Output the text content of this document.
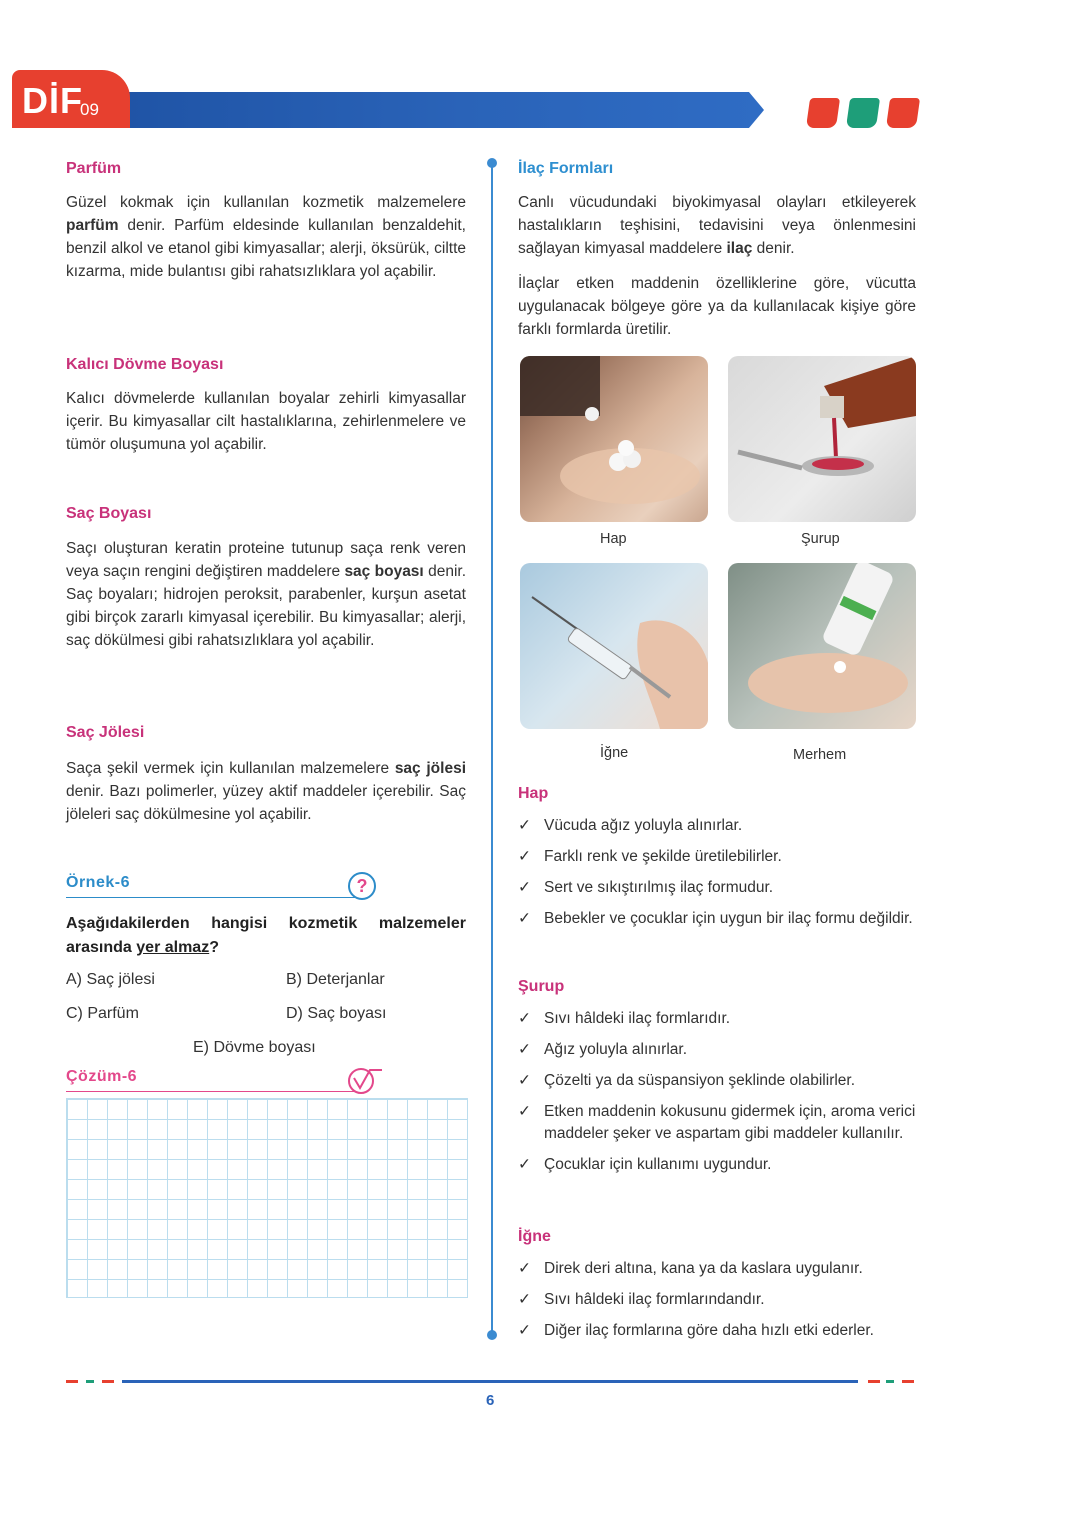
DİF
09
Parfüm
Güzel kokmak için kullanılan kozmetik malzemelere parfüm denir. Parfüm eldesinde kullanılan benzaldehit, benzil alkol ve etanol gibi kimyasallar; alerji, öksürük, ciltte kızarma, mide bulantısı gibi rahatsızlıklara yol açabilir.
Kalıcı Dövme Boyası
Kalıcı dövmelerde kullanılan boyalar zehirli kimyasallar içerir. Bu kimyasallar cilt hastalıklarına, zehirlenmelere ve tümör oluşumuna yol açabilir.
Saç Boyası
Saçı oluşturan keratin proteine tutunup saça renk veren veya saçın rengini değiştiren maddelere saç boyası denir. Saç boyaları; hidrojen peroksit, parabenler, kurşun asetat gibi birçok zararlı kimyasal içerebilir. Bu kimyasallar; alerji, saç dökülmesi gibi rahatsızlıklara yol açabilir.
Saç Jölesi
Saça şekil vermek için kullanılan malzemelere saç jölesi denir. Bazı polimerler, yüzey aktif maddeler içerebilir. Saç jöleleri saç dökülmesine yol açabilir.
Örnek-6	?
Aşağıdakilerden hangisi kozmetik malzemeler arasında yer almaz?
A) Saç jölesi	B) Deterjanlar
C) Parfüm	D) Saç boyası
E) Dövme boyası
Çözüm-6
İlaç Formları
Canlı vücudundaki biyokimyasal olayları etkileyerek hastalıkların teşhisini, tedavisini veya önlenmesini sağlayan kimyasal maddelere ilaç denir.
İlaçlar etken maddenin özelliklerine göre, vücutta uygulanacak bölgeye göre ya da kullanılacak kişiye göre farklı formlarda üretilir.
Hap	Şurup
İğne	Merhem
Hap
✓ Vücuda ağız yoluyla alınırlar.
✓ Farklı renk ve şekilde üretilebilirler.
✓ Sert ve sıkıştırılmış ilaç formudur.
✓ Bebekler ve çocuklar için uygun bir ilaç formu değildir.
Şurup
✓ Sıvı hâldeki ilaç formlarıdır.
✓ Ağız yoluyla alınırlar.
✓ Çözelti ya da süspansiyon şeklinde olabilirler.
✓ Etken maddenin kokusunu gidermek için, aroma verici maddeler şeker ve aspartam gibi maddeler kullanılır.
✓ Çocuklar için kullanımı uygundur.
İğne
✓ Direk deri altına, kana ya da kaslara uygulanır.
✓ Sıvı hâldeki ilaç formlarındandır.
✓ Diğer ilaç formlarına göre daha hızlı etki ederler.
6
